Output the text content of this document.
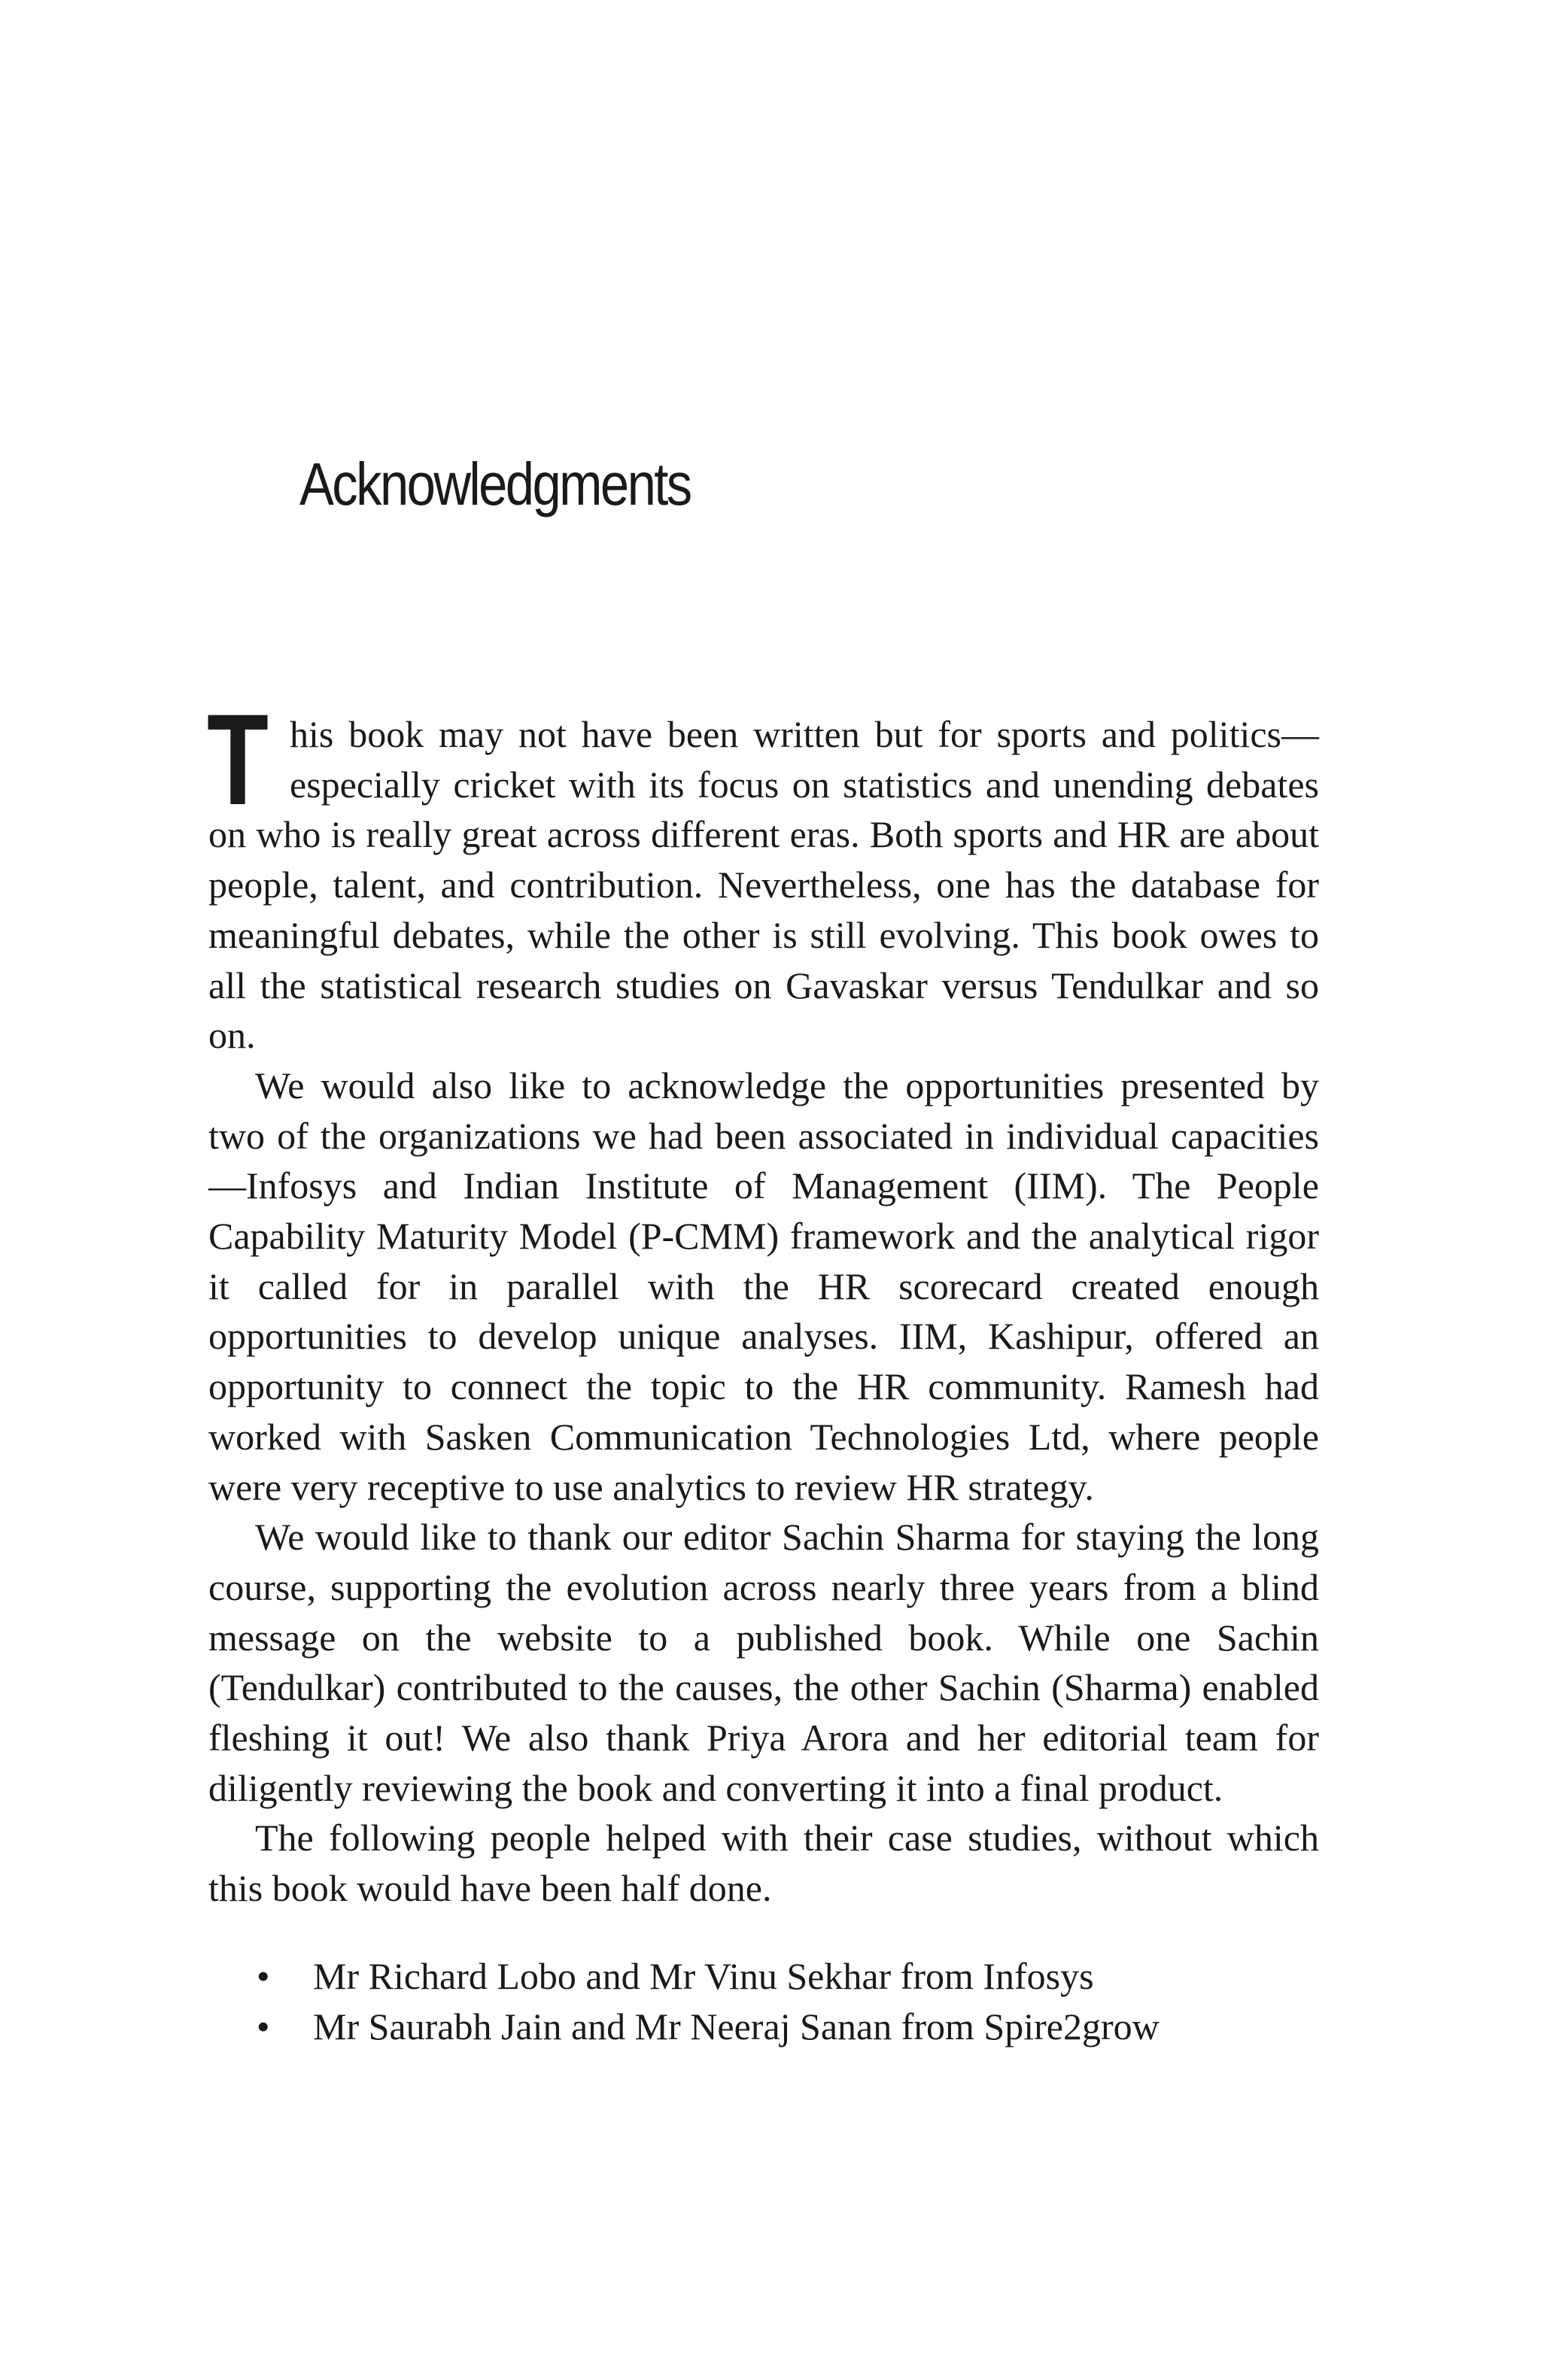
Acknowledgments

This book may not have been written but for sports and politics—especially cricket with its focus on statistics and unending debates on who is really great across different eras. Both sports and HR are about people, talent, and contribution. Nevertheless, one has the database for meaningful debates, while the other is still evolving. This book owes to all the statistical research studies on Gavaskar versus Tendulkar and so on.

We would also like to acknowledge the opportunities presented by two of the organizations we had been associated in individual capacities—Infosys and Indian Institute of Management (IIM). The People Capability Maturity Model (P-CMM) framework and the analytical rigor it called for in parallel with the HR scorecard created enough opportunities to develop unique analyses. IIM, Kashipur, offered an opportunity to connect the topic to the HR community. Ramesh had worked with Sasken Communication Technologies Ltd, where people were very receptive to use analytics to review HR strategy.

We would like to thank our editor Sachin Sharma for staying the long course, supporting the evolution across nearly three years from a blind message on the website to a published book. While one Sachin (Tendulkar) contributed to the causes, the other Sachin (Sharma) enabled fleshing it out! We also thank Priya Arora and her editorial team for diligently reviewing the book and converting it into a final product.

The following people helped with their case studies, without which this book would have been half done.

• Mr Richard Lobo and Mr Vinu Sekhar from Infosys
• Mr Saurabh Jain and Mr Neeraj Sanan from Spire2grow
